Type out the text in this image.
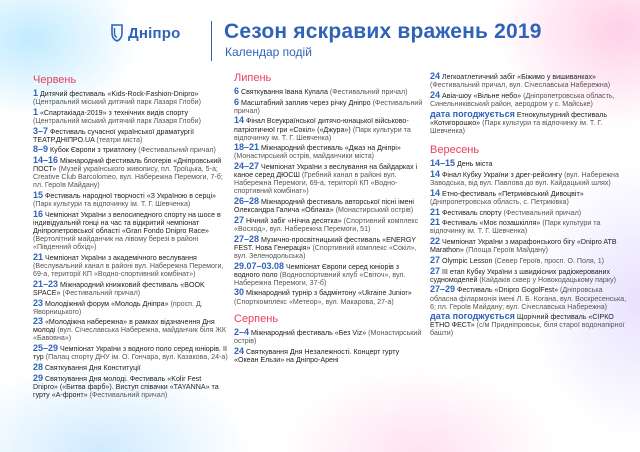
Дніпро Сезон яскравих вражень 2019
Календар подій
Червень
1 Дитячий фестиваль «Kids-Rock-Fashion-Dnipro» (Центральний міський дитячий парк Лазаря Глоби)
1 «Спартакіада-2019» з технічних видів спорту (Центральний міський дитячий парк Лазаря Глоби)
3–7 Фестиваль сучасної української драматургії ТЕАТР.ДНІПРО.UA (театри міста)
8–9 Кубок Європи з триатлону (Фестивальний причал)
14–16 Міжнародний фестиваль блогерів «Дніпровський ПОСТ» (Музей українського живопису, пл. Троїцька, 5-а; Creative Club Barcolomeo, вул. Набережна Перемоги, 7-б; пл. Героїв Майдану)
15 Фестиваль народної творчості «З Україною в серці» (Парк культури та відпочинку ім. Т. Г. Шевченка)
16 Чемпіонат України з велосипедного спорту на шосе в індивідуальній гонці на час та відкритий чемпіонат Дніпропетровської області «Gran Fondo Dnipro Race» (Вертолітний майданчик на лівому березі в районі «Південний обхід»)
21 Чемпіонат України з академічного веслування (Веслувальний канал в районі вул. Набережна Перемоги, 69-а, території КП «Водно-спортивний комбінат»)
21–23 Міжнародний книжковий фестиваль «BOOK SPACE» (Фестивальний причал)
23 Молодіжний форум «Молодь Дніпра» (просп. Д. Яворницького)
23 «Молодіжна набережна» в рамках відзначення Дня молоді (вул. Сiчеславська Набережна, майданчик біля ЖК «Бавовна»)
25–29 Чемпіонат України з водного поло серед юніорів. II тур (Палац спорту ДНУ ім. О. Гончара, вул. Казакова, 24-а)
28 Святкування Дня Конституції
29 Святкування Дня молоді. Фестиваль «Kolir Fest Dnipro» («Битва фарб»). Виступ співачки «TAYANNA» та гурту «A-фронт» (Фестивальний причал)
Липень
6 Святкування Івана Купала (Фестивальний причал)
6 Масштабний заплив через річку Дніпро (Фестивальний причал)
14 Фінал Всеукраїнської дитячо-юнацької військово-патріотичної гри «Сокіл» («Джура») (Парк культури та відпочинку ім. Т. Г. Шевченка)
18–21 Міжнародний фестиваль «Джаз на Дніпрі» (Монастирський острів, майданчики міста)
24–27 Чемпіонат України з веслування на байдарках і каное серед ДЮСШ (Гребний канал в районі вул. Набережна Перемоги, 69-а, території КП «Водно-спортивний комбінат»)
26–28 Міжнародний фестиваль авторської пісні імені Олександра Галича «Облака» (Монастирський острів)
27 Нічний забіг «Нічна десятка» (Спортивний комплекс «Восход», вул. Набережна Перемоги, 51)
27–28 Музично-просвітницький фестиваль «ENERGY FEST. Нова Генерація» (Спортивний комплекс «Сокіл», вул. Зеленодольська)
29.07–03.08 Чемпіонат Європи серед юніорів з водного поло (Водноспортивний клуб «Світоч», вул. Набережна Перемоги, 37-б)
30 Міжнародний турнір з бадмінтону «Ukraine Junior» (Спорткомплекс «Метеор», вул. Макарова, 27-а)
Серпень
2–4 Міжнародний фестиваль «Без Vіz» (Монастирський острів)
24 Святкування Дня Незалежності. Концерт гурту «Океан Ельзи» на Дніпро-Арені
24 Легкоатлетичний забіг «Біжимо у вишиванках» (Фестивальний причал, вул. Січеславська Набережна)
24 Авіа-шоу «Вільне небо» (Дніпропетровська область, Синельниківський район, аеродром у с. Майське)
дата погоджується Етнокультурний фестиваль «Котигорошко» (Парк культури та відпочинку ім. Т. Г. Шевченка)
Вересень
14–15 День міста
14 Фінал Кубку України з дрег-рейсингу (вул. Набережна Заводська, від вул. Павлова до вул. Кайдацький шлях)
14 Етно-фестиваль «Петриківський Дивоцвіт» (Дніпропетровська область, с. Петриківка)
21 Фестиваль спорту (Фестивальний причал)
21 Фестиваль «Моє позашкілля» (Парк культури та відпочинку ім. Т. Г. Шевченка)
22 Чемпіонат України з марафонського бігу «Dnipro ATB Marathon» (Площа Героїв Майдану)
27 Olympic Lesson (Севeр Героїв, просп. О. Поля, 1)
27 III етап Кубку України з швидкісних радіокерованих судномоделей (Кайдаків сквер у Новокодацькому парку)
27–29 Фестиваль «Dnipro GogolFest» (Дніпровська обласна філармонія імені Л. Б. Когана, вул. Воскресенська, 6; пл. Героїв Майдану; вул. Січеславська Набережна)
дата погоджується Щорічний фестиваль «СІРКО ЕТНО ФЕСТ» (с/м Придніпровськ, біля старої водонапірної башти)
